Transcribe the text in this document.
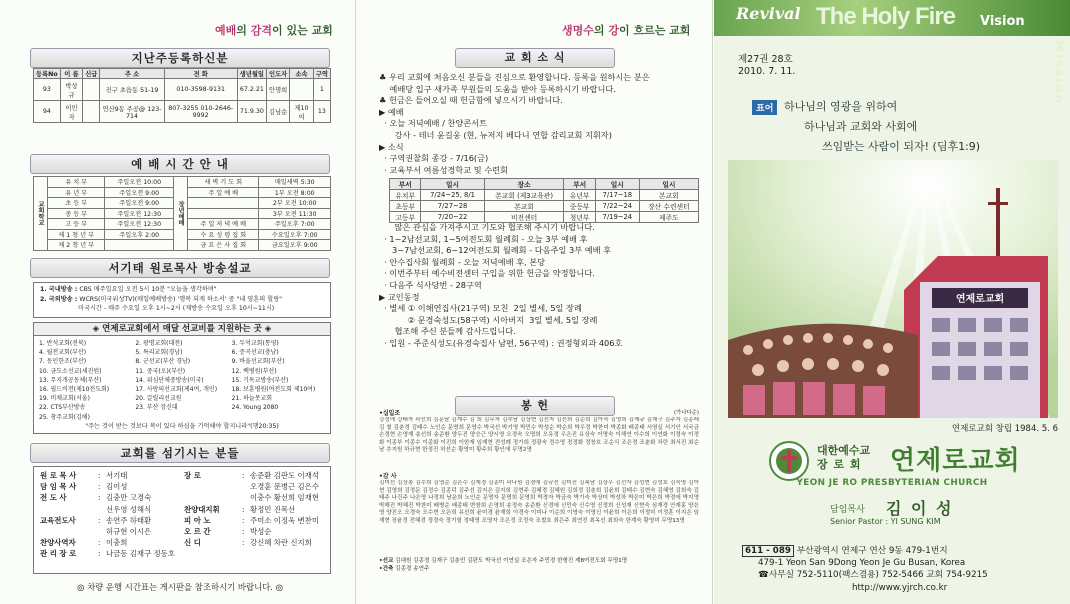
예배의 감격이 있는 교회
지난주등록하신분
등록No	이 름	신급	주 소	전 화	생년월일	인도자	소속	구역
93	박상규		진구 초읍동 51-19	010-3598-9131	67.2.21	안명희		1
94	이민자		연산9동 주공@ 123-714	807-3255 010-2646-9992	71.9.30	김남순	제10여	13
예 배 시 간 안 내
교회학교	유 치 부	주일오전 10:00	장년예배	새 벽 기 도 회	매일새벽 5:30
	유 년 부	주일오전 9:00		주 일 예 배	1부 오전 8:00
	초 등 부	주일오전 9:00			2부 오전 10:00
	중 등 부	주일오전 12:30			3부 오전 11:30
	고 등 부	주일오전 12:30		주 일 저 녁 예 배	주일오후 7:00
	제 1 청 년 부	주일오후 2:00		수 요 성 령 집 회	수요일오후 7:00
	제 2 청 년 부			금 요 은 사 집 회	금요일오후 9:00
서기태 원로목사 방송설교

1. 국내방송 : CBS 매주일요일 오전 5시 10분 "오늘을 생각하며"

2. 국외방송 : WCRS(미국위성TV)(매일예배방송) '행복 되게 하소서' 중 "내 영혼의 힐링"

미국시간 - 매주 수요일 오후 1시~2시 (재방송 수요일 오후 10시~11시)

◈ 연제로교회에서 매달 선교비를 지원하는 곳 ◈
1. 반석교회(전북)	2. 광명교회(대전)	3. 두억교회(통영)
4. 월전교회(부산)	5. 특리교회(경남)	6. 증곡선교(충남)
7. 동인한조(부산)	8. 군선교(부산 경남)	9. 바울선교회(부산)
10. 금도소선교(세진원)	11. 중국(오)(부산)	12. 백병원(부산)
13. 무지개공동체(부산)	14. 위심단체중방송(미국)	15. 기독교방송(부산)
16. 필드비전(제10전도회)	17. 사랑의선교회(제4여, 개인)	18. 보훈병원(여전도회 제10여)
19. 비채교회(서울)	20. 갈릴리선교원	21. 하늘못교회
22. CTS부산방송	23. 부산 장신대	24. Young 2080
25. 창주교회(김해)
"주는 것이 받는 것보다 복이 있다 하심을 기억해야 할지니라"(행20:35)
교회를 섬기시는 분들
원 로 목 사	: 서기태
담 임 목 사	: 김이성
전 도 사	: 김충만 고경숙
선우영 성해식
교육전도사	: 송연주 하태환
허규현 이시은
찬양사역자	: 이충희
관 리 장 로	: 나금동 김재구 정동호
장 로	: 송준환 김판도 이재석
오경훈 문병근 김은수
이충수 황선희 임재현
찬양대지휘	: 황정민 진목선
피 아 노	: 주미소 이정욱 변찬미
오 르 간	: 박성순
신 디	: 강신혜 차란 신지희
◎ 차량 운행 시간표는 게시판을 참조하시기 바랍니다. ◎
생명수의 강이 흐르는 교회
교 회 소 식

♣ 우리 교회에 처음오신 분들을 진심으로 환영합니다. 등록을 원하시는 분은

예배당 입구 새가족 부원들의 도움을 받아 등록하시기 바랍니다.

♣ 헌금은 들어오실 때 헌금함에 넣으시기 바랍니다.

▶ 예배

· 오늘 저녁예배 / 찬양콘서트

강사 - 테너 윤길웅 (현, 뉴저지 베다니 연합 감리교회 지휘자)

▶ 소식

· 구역권찰회 종강 - 7/16(금)

· 교육부서 여름성경학교 및 수련회

부서	일시	장소	부서	일시	일시
유치부	7/24~25, 8/1	본교회 (제3교육관)	유년부	7/17~18	본교회
초등부	7/27~28	본교회	중등부	7/22~24	장산 수련센터
고등부	7/20~22	비전센터	청년부	7/19~24	제주도

많은 관심을 가져주시고 기도와 협조해 주시기 바랍니다.

· 1~2남선교회, 1~5여전도회 월례회 - 오늘 3부 예배 후

3~7남선교회, 6~12여전도회 월례회 - 다음주일 3부 예배 후

· 안수집사회 월례회 - 오늘 저녁예배 후, 본당

· 이번주부터 예수비전센터 구입을 위한 헌금을 약정합니다.

· 다음주 식사당번 - 28구역

▶ 교인동정

· 별세 ① 이해연집사(21구역) 모친  2일 별세, 5일 장례

② 문경숙성도(58구역) 시아버지  3일 별세, 5일 장례

협조해 주신 분들께 감사드립니다.

· 입원 - 주준식성도(유경숙집사 남편, 56구역) : 권정형외과 406호

봉 헌
•십일조	(가나다순)
강정애 강태자 곽선희 김문남 김계수 김 희 김무자 김부남 김상현 김선자 김선희 김순희 김아숙 김영희 김재규 김재구 김주자 김종래 김 철 김춘경 김태수 노인순 문명희 문영수 박국선 박기영 박민수 박성순 박순희 박우정 박찬미 박종화 배종태 서영실 서기인 서국금 손정현 손영재 송선희 송준환 양두진 양승근 양시영 오경숙 오명희 오유정 우은진 유상숙 이명숙 이해연 이수희 이연화 이정숙 이정화 이종부 이종수 이종화 이진희 이한재 임재현 전성례 정가희 정광숙 정수영 정정화 정창호 조순식 조은정 조춘화 차란 최서진 최순남 추지원 하규현 한정진 허선순 황영미 황주희 황인애 무명2명
•감 사
김미선 김상봉 김수희 김영순 김은수 김재경 김종미 곽나원 김경애 김규선 김미진 김복남 김상우 김선자 김성현 김성호 김숙영 김아현 김영희 김정문 김정수 김종덕 김주선 김지은 김지희 김현주 김혜경 김혜원 김희정 김춘희 김윤희 김태수 김현숙 김혜영 김희숙 김태주 나건주 나은영 나정희 남운희 노인순 문명자 문명희 문영희 박경자 박금숙 박기숙 박상미 박성하 박은미 박은희 박정애 박지영 박해진 박혜진 박찬미 배병순 배종태 변창희 손영희 송정숙 송준환 신경애 신민숙 신수영 신정희 신성재 신현숙 심재경 안재홍 양은영 양진오 오경숙 오수현 오은희 유선희 윤미경 윤재희 이경숙 이미나 이순희 이영숙 이영신 이윤희 이은희 이정미 이정훈 이지은 임재현 장윤경 전혜경 정경숙 정기열 정태영 조영자 조은정 조정숙 조철호 최은주 최연진 최옥선 최희숙 한계숙 황영미 무명13명
•선교 김대원 김종경 김재구 김춘민 김판도 박국선 이연실 조은자 주민경 한형진 제8여전도회 무명1명
•건축 김종경 송연주
Revival The Holy Fire Vision
Mission
제27권 28호
2010. 7. 11.
표어 하나님의 영광을 위하여
하나님과 교회와 사회에
쓰임받는 사람이 되자! (딤후1:9)
연제로교회
연제로교회 창립 1984. 5. 6
대한예수교
장 로 회	연제로교회
YEON JE RO PRESBYTERIAN CHURCH
담임목사 김 이 성
Senior Pastor : YI SUNG KIM
611 - 089 부산광역시 연제구 연산 9동 479-1번지
479-1 Yeon San 9Dong Yeon Je Gu Busan, Korea
☎사무실 752-5110(팩스겸용) 752-5466 교회 754-9215
http://www.yjrch.co.kr
